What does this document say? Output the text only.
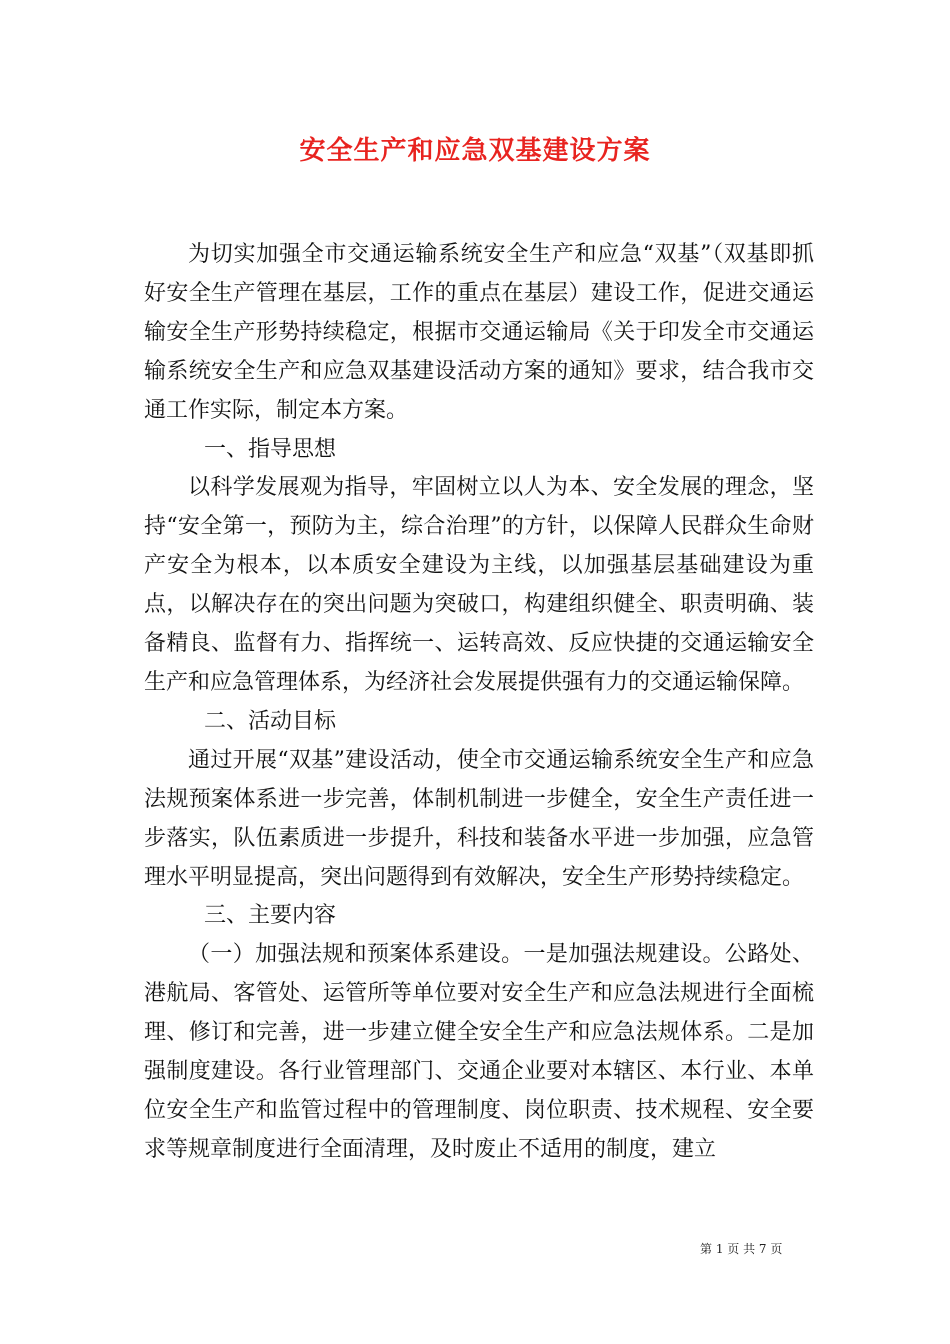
安全生产和应急双基建设方案

为切实加强全市交通运输系统安全生产和应急“双基”（双基即抓好安全生产管理在基层，工作的重点在基层）建设工作，促进交通运输安全生产形势持续稳定，根据市交通运输局《关于印发全市交通运输系统安全生产和应急双基建设活动方案的通知》要求，结合我市交通工作实际，制定本方案。

一、指导思想

以科学发展观为指导，牢固树立以人为本、安全发展的理念，坚持“安全第一，预防为主，综合治理”的方针，以保障人民群众生命财产安全为根本，以本质安全建设为主线，以加强基层基础建设为重点，以解决存在的突出问题为突破口，构建组织健全、职责明确、装备精良、监督有力、指挥统一、运转高效、反应快捷的交通运输安全生产和应急管理体系，为经济社会发展提供强有力的交通运输保障。

二、活动目标

通过开展“双基”建设活动，使全市交通运输系统安全生产和应急法规预案体系进一步完善，体制机制进一步健全，安全生产责任进一步落实，队伍素质进一步提升，科技和装备水平进一步加强，应急管理水平明显提高，突出问题得到有效解决，安全生产形势持续稳定。

三、主要内容

（一）加强法规和预案体系建设。一是加强法规建设。公路处、港航局、客管处、运管所等单位要对安全生产和应急法规进行全面梳理、修订和完善，进一步建立健全安全生产和应急法规体系。二是加强制度建设。各行业管理部门、交通企业要对本辖区、本行业、本单位安全生产和监管过程中的管理制度、岗位职责、技术规程、安全要求等规章制度进行全面清理，及时废止不适用的制度，建立

第 1 页 共 7 页
